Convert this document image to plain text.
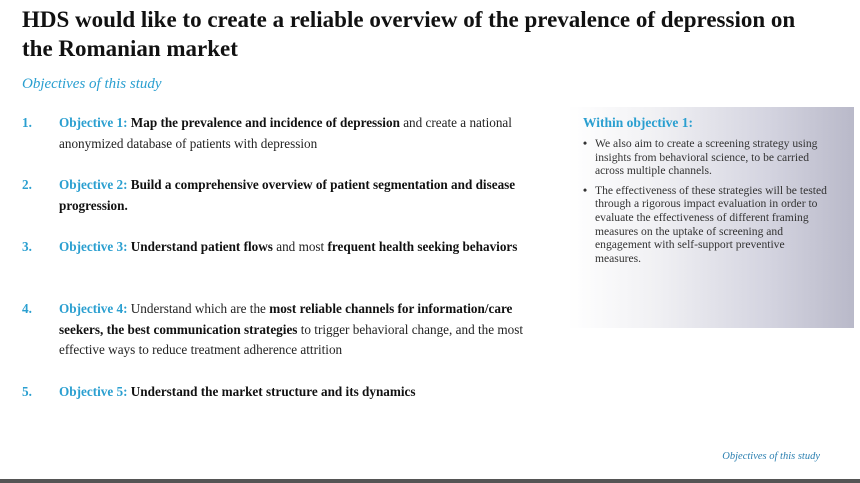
HDS would like to create a reliable overview of the prevalence of depression on the Romanian market

Objectives of this study

1. Objective 1: Map the prevalence and incidence of depression and create a national anonymized database of patients with depression
2. Objective 2: Build a comprehensive overview of patient segmentation and disease progression.
3. Objective 3: Understand patient flows and most frequent health seeking behaviors
4. Objective 4: Understand which are the most reliable channels for information/care seekers, the best communication strategies to trigger behavioral change, and the most effective ways to reduce treatment adherence attrition
5. Objective 5: Understand the market structure and its dynamics

Within objective 1:

• We also aim to create a screening strategy using insights from behavioral science, to be carried across multiple channels.
• The effectiveness of these strategies will be tested through a rigorous impact evaluation in order to evaluate the effectiveness of different framing measures on the uptake of screening and engagement with self-support preventive measures.

Objectives of this study
